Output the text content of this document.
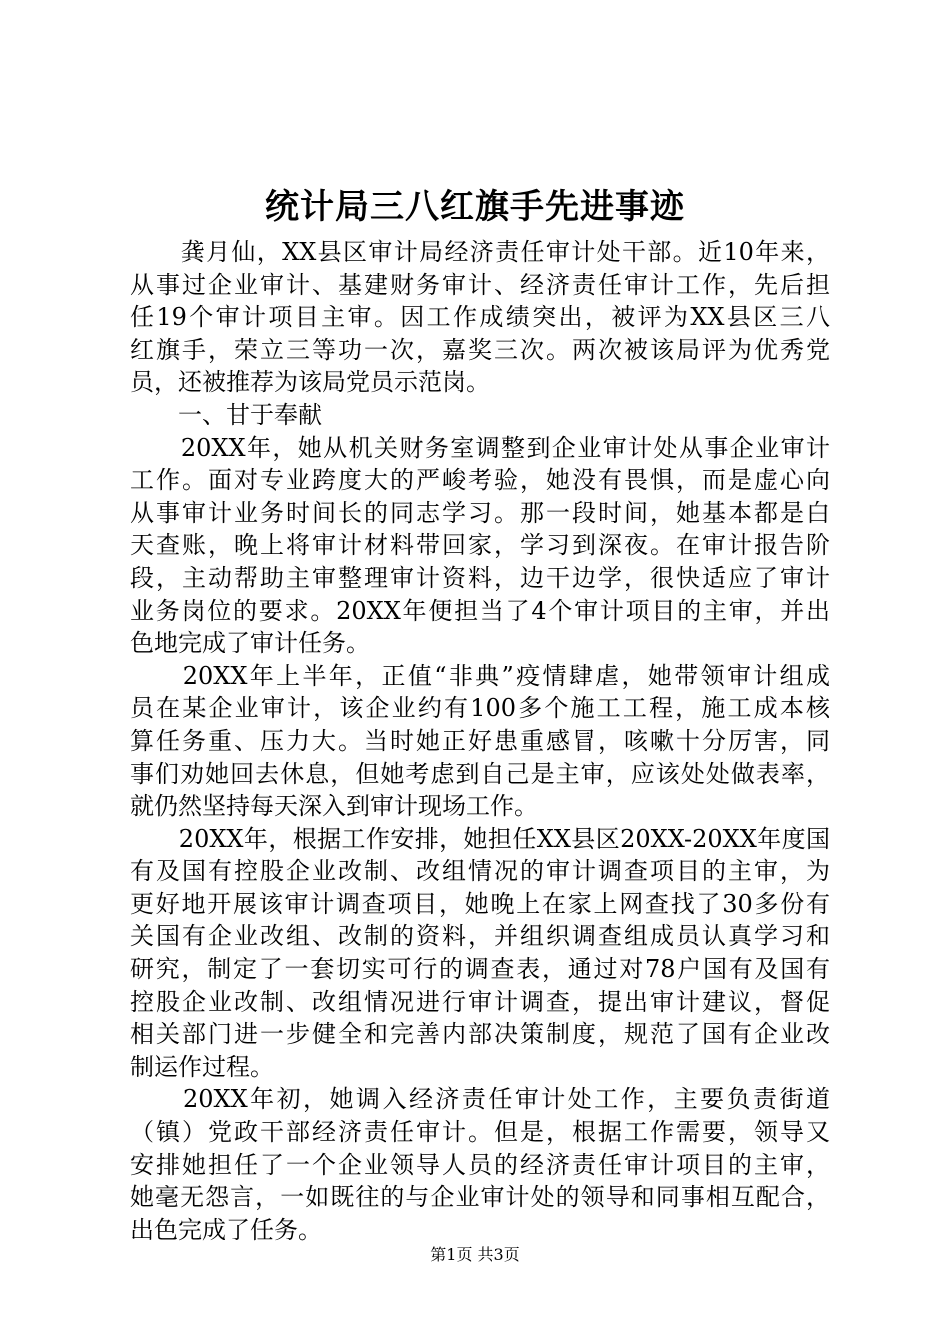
统计局三八红旗手先进事迹
　　龚月仙，XX县区审计局经济责任审计处干部。近10年来，
从事过企业审计、基建财务审计、经济责任审计工作，先后担
任19个审计项目主审。因工作成绩突出，被评为XX县区三八
红旗手，荣立三等功一次，嘉奖三次。两次被该局评为优秀党
员，还被推荐为该局党员示范岗。
　　一、甘于奉献
　　20XX年，她从机关财务室调整到企业审计处从事企业审计
工作。面对专业跨度大的严峻考验，她没有畏惧，而是虚心向
从事审计业务时间长的同志学习。那一段时间，她基本都是白
天查账，晚上将审计材料带回家，学习到深夜。在审计报告阶
段，主动帮助主审整理审计资料，边干边学，很快适应了审计
业务岗位的要求。20XX年便担当了4个审计项目的主审，并出
色地完成了审计任务。
　　20XX年上半年，正值“非典”疫情肆虐，她带领审计组成
员在某企业审计，该企业约有100多个施工工程，施工成本核
算任务重、压力大。当时她正好患重感冒，咳嗽十分厉害，同
事们劝她回去休息，但她考虑到自己是主审，应该处处做表率，
就仍然坚持每天深入到审计现场工作。
　　20XX年，根据工作安排，她担任XX县区20XX-20XX年度国
有及国有控股企业改制、改组情况的审计调查项目的主审，为
更好地开展该审计调查项目，她晚上在家上网查找了30多份有
关国有企业改组、改制的资料，并组织调查组成员认真学习和
研究，制定了一套切实可行的调查表，通过对78户国有及国有
控股企业改制、改组情况进行审计调查，提出审计建议，督促
相关部门进一步健全和完善内部决策制度，规范了国有企业改
制运作过程。
　　20XX年初，她调入经济责任审计处工作，主要负责街道
（镇）党政干部经济责任审计。但是，根据工作需要，领导又
安排她担任了一个企业领导人员的经济责任审计项目的主审，
她毫无怨言，一如既往的与企业审计处的领导和同事相互配合，
出色完成了任务。
第1页 共3页
